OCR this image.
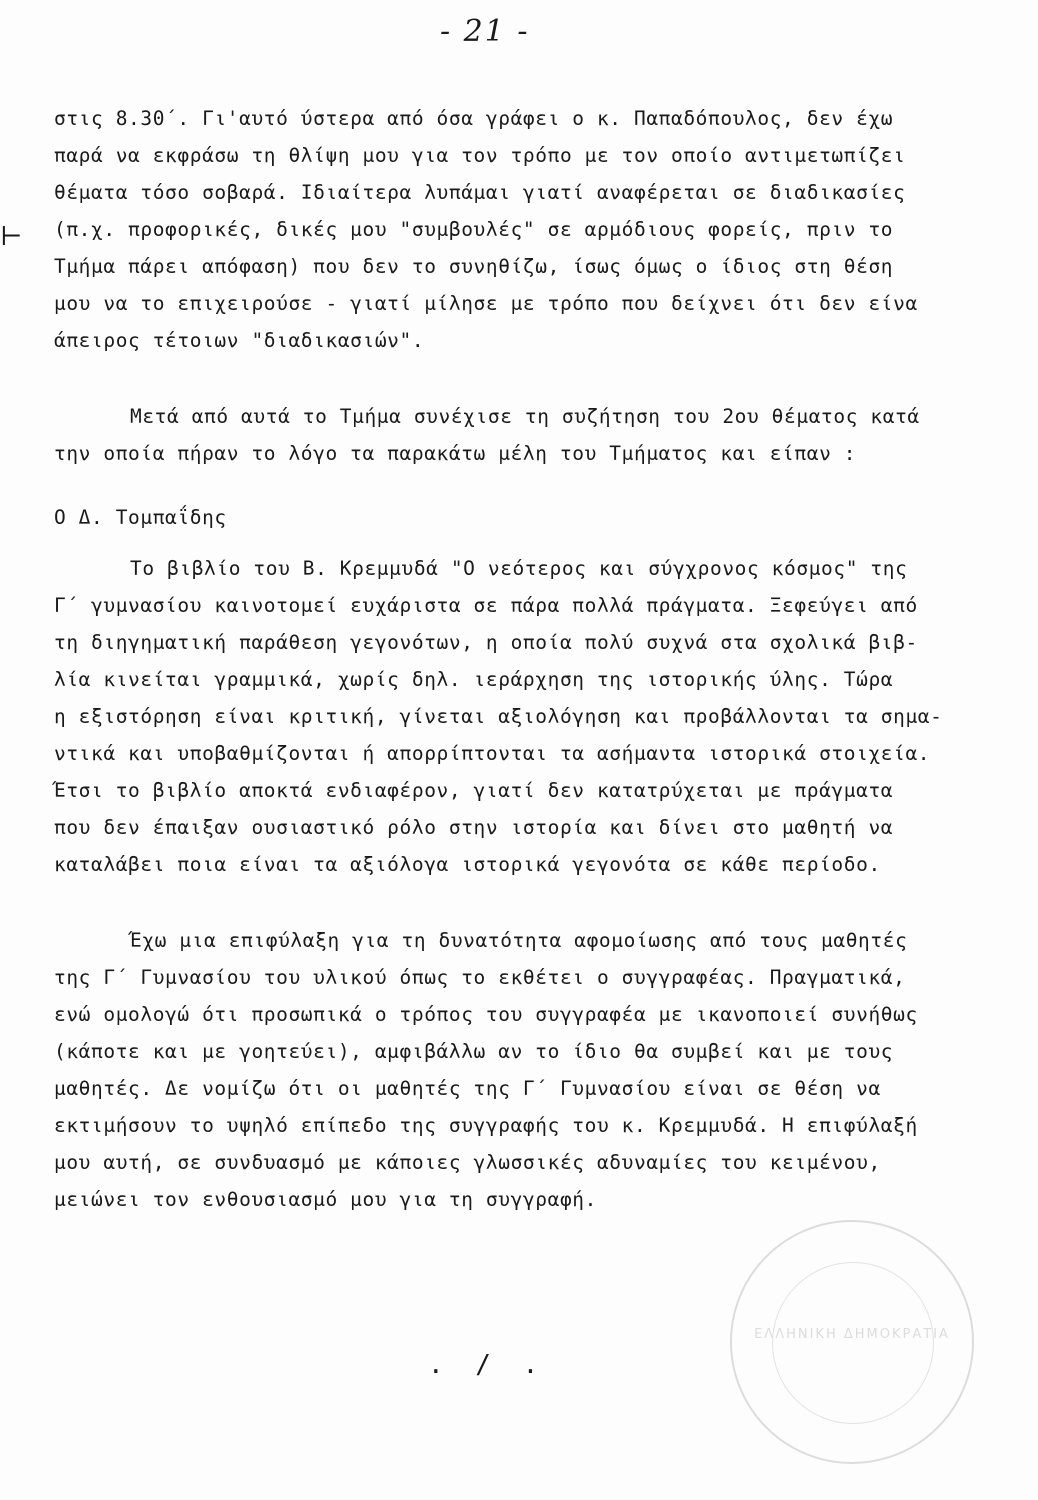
- 21 -
⊢
στις 8.30΄. Γι'αυτό ύστερα από όσα γράφει ο κ. Παπαδόπουλος, δεν έχω
παρά να εκφράσω τη θλίψη μου για τον τρόπο με τον οποίο αντιμετωπίζει
θέματα τόσο σοβαρά. Ιδιαίτερα λυπάμαι γιατί αναφέρεται σε διαδικασίες
(π.χ. προφορικές, δικές μου "συμβουλές" σε αρμόδιους φορείς, πριν το
Τμήμα πάρει απόφαση) που δεν το συνηθίζω, ίσως όμως ο ίδιος στη θέση
μου να το επιχειρούσε - γιατί μίλησε με τρόπο που δείχνει ότι δεν είνα
άπειρος τέτοιων "διαδικασιών".
Μετά από αυτά το Τμήμα συνέχισε τη συζήτηση του 2ου θέματος κατά
την οποία πήραν το λόγο τα παρακάτω μέλη του Τμήματος και είπαν :
Ο Δ. Τομπαΐδης
Το βιβλίο του Β. Κρεμμυδά "Ο νεότερος και σύγχρονος κόσμος" της
Γ΄ γυμνασίου καινοτομεί ευχάριστα σε πάρα πολλά πράγματα. Ξεφεύγει από
τη διηγηματική παράθεση γεγονότων, η οποία πολύ συχνά στα σχολικά βιβ-
λία κινείται γραμμικά, χωρίς δηλ. ιεράρχηση της ιστορικής ύλης. Τώρα
η εξιστόρηση είναι κριτική, γίνεται αξιολόγηση και προβάλλονται τα σημα-
ντικά και υποβαθμίζονται ή απορρίπτονται τα ασήμαντα ιστορικά στοιχεία.
Έτσι το βιβλίο αποκτά ενδιαφέρον, γιατί δεν κατατρύχεται με πράγματα
που δεν έπαιξαν ουσιαστικό ρόλο στην ιστορία και δίνει στο μαθητή να
καταλάβει ποια είναι τα αξιόλογα ιστορικά γεγονότα σε κάθε περίοδο.
Έχω μια επιφύλαξη για τη δυνατότητα αφομοίωσης από τους μαθητές
της Γ΄ Γυμνασίου του υλικού όπως το εκθέτει ο συγγραφέας. Πραγματικά,
ενώ ομολογώ ότι προσωπικά ο τρόπος του συγγραφέα με ικανοποιεί συνήθως
(κάποτε και με γοητεύει), αμφιβάλλω αν το ίδιο θα συμβεί και με τους
μαθητές. Δε νομίζω ότι οι μαθητές της Γ΄ Γυμνασίου είναι σε θέση να
εκτιμήσουν το υψηλό επίπεδο της συγγραφής του κ. Κρεμμυδά. Η επιφύλαξή
μου αυτή, σε συνδυασμό με κάποιες γλωσσικές αδυναμίες του κειμένου,
μειώνει τον ενθουσιασμό μου για τη συγγραφή.
ΕΛΛΗΝΙΚΗ ΔΗΜΟΚΡΑΤΙΑ
. / .
